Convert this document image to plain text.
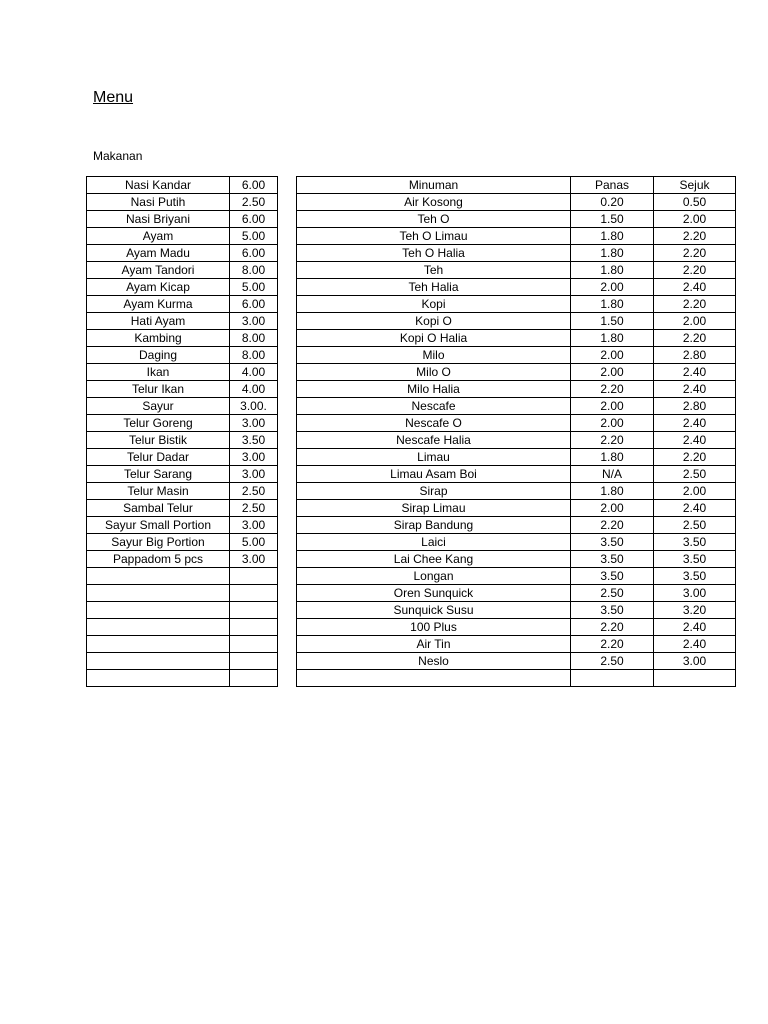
Menu

Makanan

Nasi Kandar	6.00
Nasi Putih	2.50
Nasi Briyani	6.00
Ayam	5.00
Ayam Madu	6.00
Ayam Tandori	8.00
Ayam Kicap	5.00
Ayam Kurma	6.00
Hati Ayam	3.00
Kambing	8.00
Daging	8.00
Ikan	4.00
Telur Ikan	4.00
Sayur	3.00.
Telur Goreng	3.00
Telur Bistik	3.50
Telur Dadar	3.00
Telur Sarang	3.00
Telur Masin	2.50
Sambal Telur	2.50
Sayur Small Portion	3.00
Sayur Big Portion	5.00
Pappadom 5 pcs	3.00

Minuman	Panas	Sejuk
Air Kosong	0.20	0.50
Teh O	1.50	2.00
Teh O Limau	1.80	2.20
Teh O Halia	1.80	2.20
Teh	1.80	2.20
Teh Halia	2.00	2.40
Kopi	1.80	2.20
Kopi O	1.50	2.00
Kopi O Halia	1.80	2.20
Milo	2.00	2.80
Milo O	2.00	2.40
Milo Halia	2.20	2.40
Nescafe	2.00	2.80
Nescafe O	2.00	2.40
Nescafe Halia	2.20	2.40
Limau	1.80	2.20
Limau Asam Boi	N/A	2.50
Sirap	1.80	2.00
Sirap Limau	2.00	2.40
Sirap Bandung	2.20	2.50
Laici	3.50	3.50
Lai Chee Kang	3.50	3.50
Longan	3.50	3.50
Oren Sunquick	2.50	3.00
Sunquick Susu	3.50	3.20
100 Plus	2.20	2.40
Air Tin	2.20	2.40
Neslo	2.50	3.00
